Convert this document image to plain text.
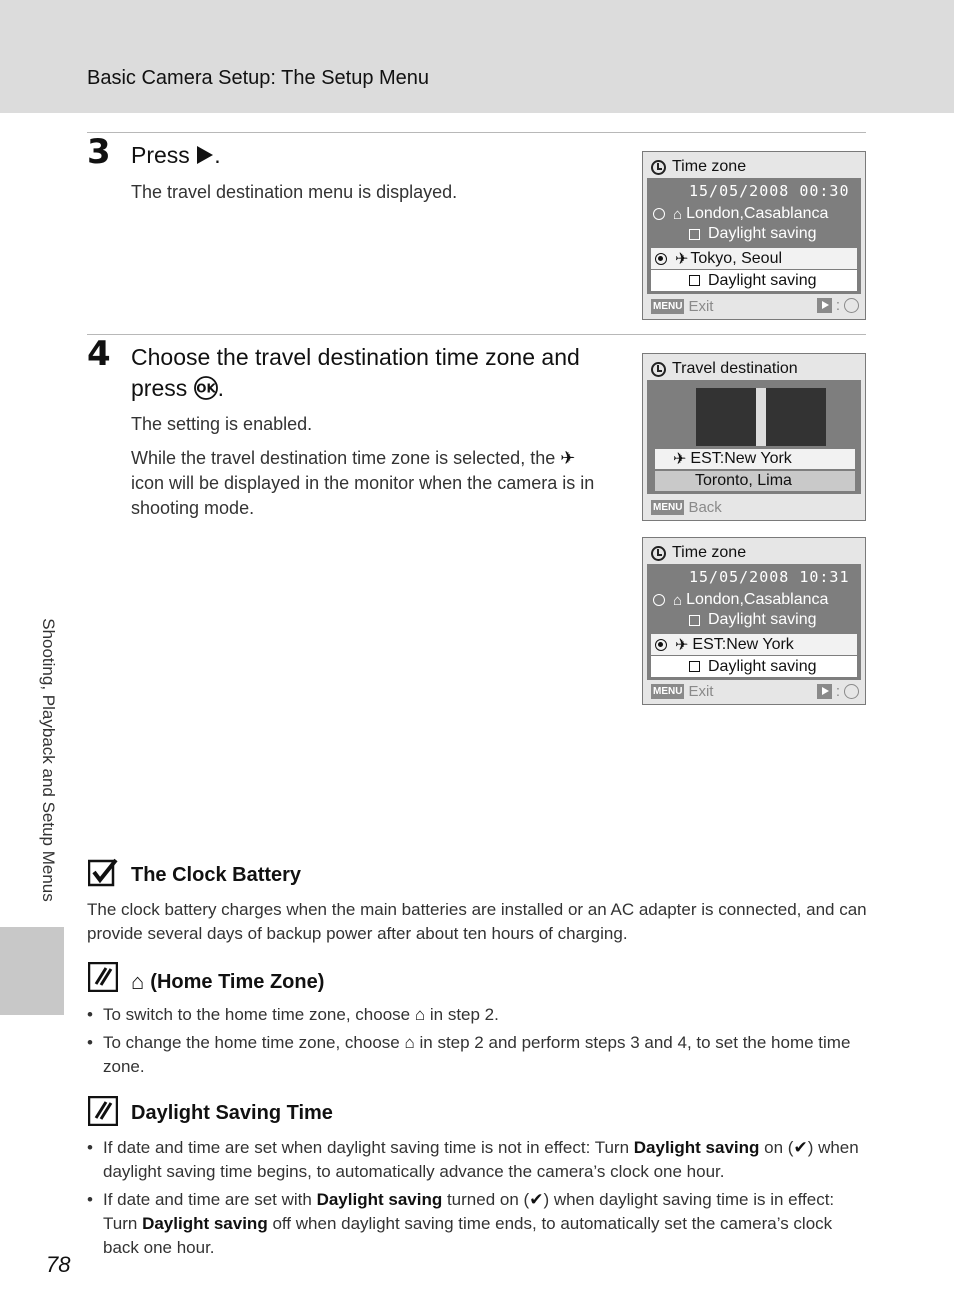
Basic Camera Setup: The Setup Menu
3 Press .
The travel destination menu is displayed.
Time zone
15/05/2008 00:30
⌂ London,Casablanca
Daylight saving
✈ Tokyo, Seoul
Daylight saving
MENU Exit	:
4 Choose the travel destination time zone and
press OK .
The setting is enabled.
While the travel destination time zone is selected, the ✈ icon will be displayed in the monitor when the camera is in shooting mode.
Travel destination
✈ EST:New York
Toronto, Lima
MENU Back
Time zone
15/05/2008 10:31
⌂ London,Casablanca
Daylight saving
✈ EST:New York
Daylight saving
MENU Exit	:
Shooting, Playback and Setup Menus	The Clock Battery
The clock battery charges when the main batteries are installed or an AC adapter is connected, and can provide several days of backup power after about ten hours of charging.
⌂ (Home Time Zone)
• To switch to the home time zone, choose ⌂ in step 2.
• To change the home time zone, choose ⌂ in step 2 and perform steps 3 and 4, to set the home time zone.
Daylight Saving Time
• If date and time are set when daylight saving time is not in effect: Turn Daylight saving on (✔) when daylight saving time begins, to automatically advance the camera’s clock one hour.
• If date and time are set with Daylight saving turned on (✔) when daylight saving time is in effect: Turn Daylight saving off when daylight saving time ends, to automatically set the camera’s clock back one hour.
78
